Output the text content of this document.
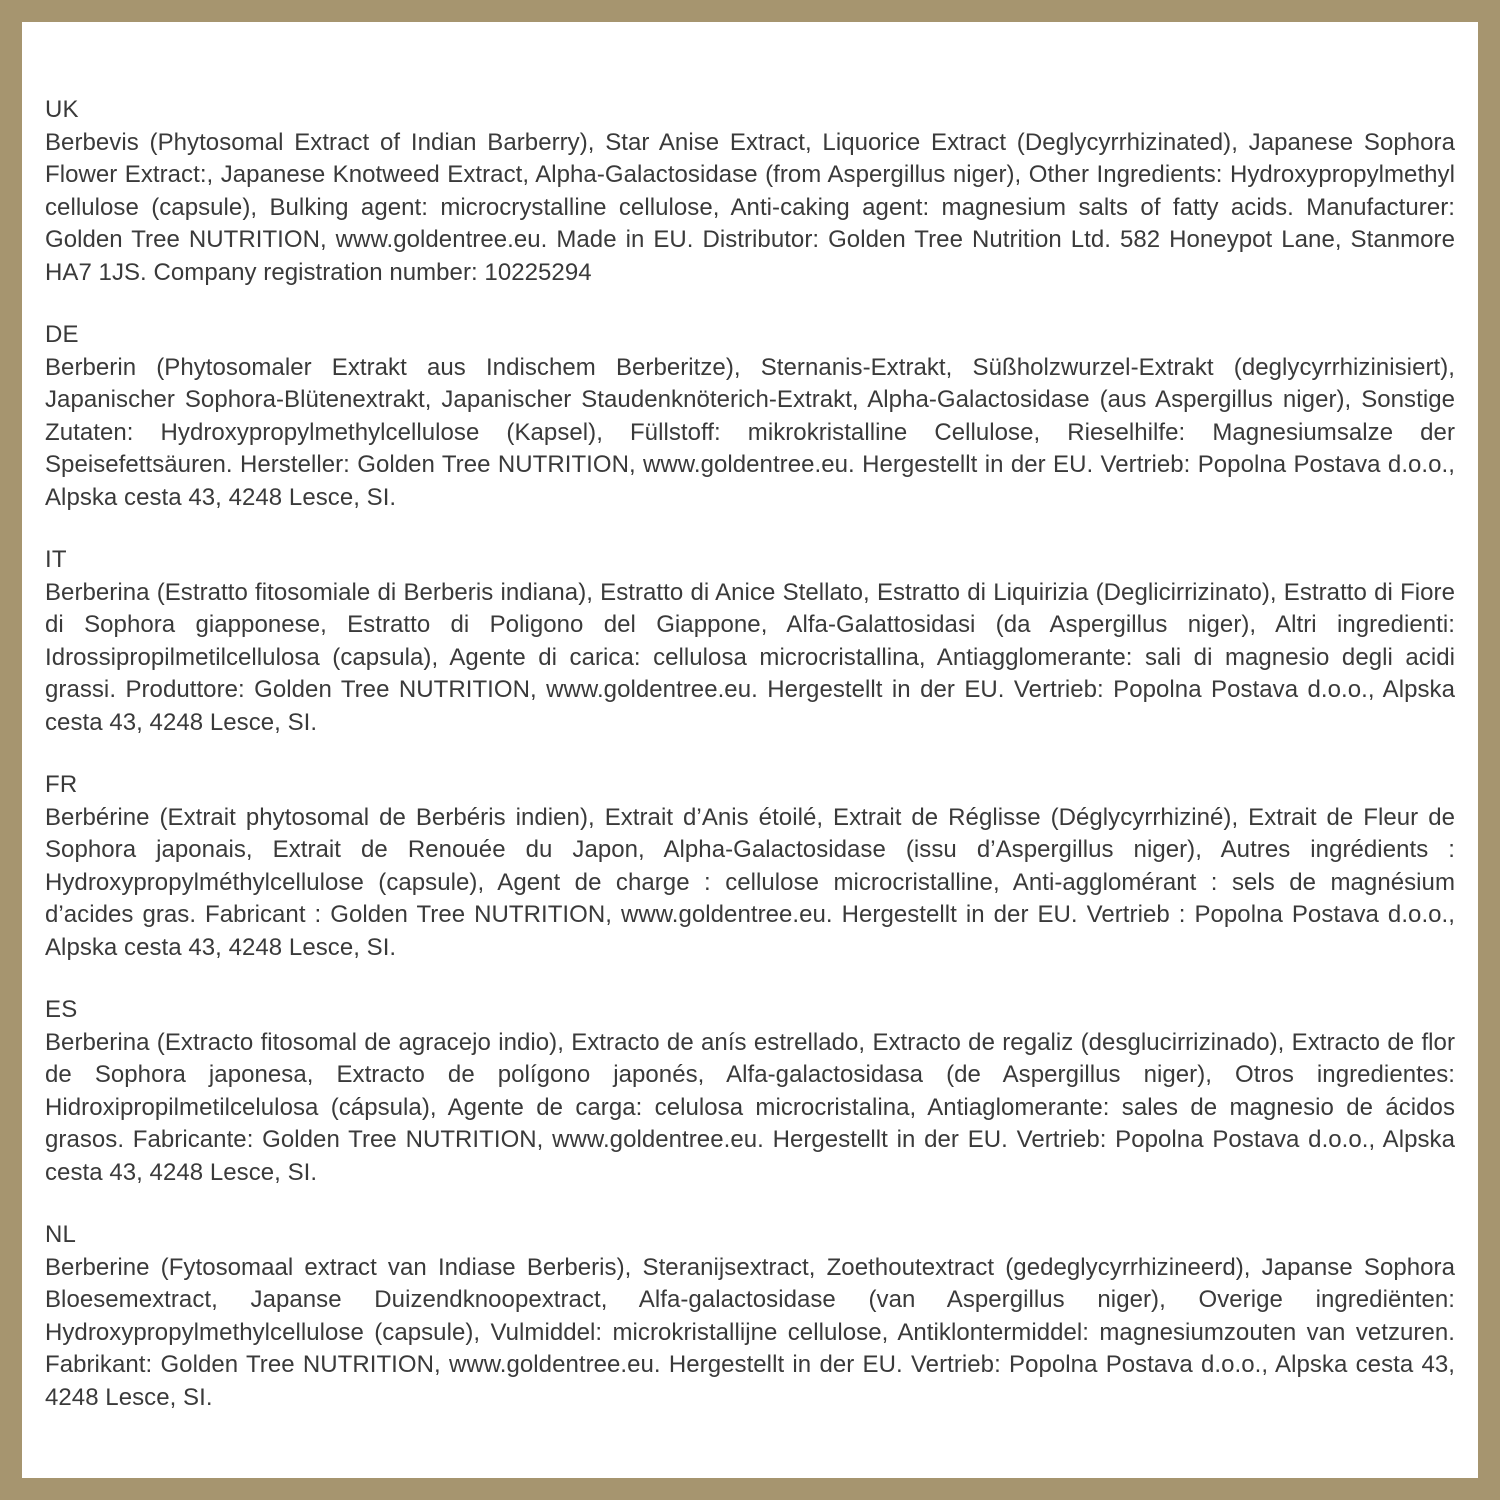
UK
Berbevis (Phytosomal Extract of Indian Barberry), Star Anise Extract, Liquorice Extract (Deglycyrrhizinated), Japanese Sophora Flower Extract:, Japanese Knotweed Extract, Alpha-Galactosidase (from Aspergillus niger), Other Ingredients: Hydroxypropylmethyl cellulose (capsule), Bulking agent: microcrystalline cellulose, Anti-caking agent: magnesium salts of fatty acids. Manufacturer: Golden Tree NUTRITION, www.goldentree.eu. Made in EU. Distributor: Golden Tree Nutrition Ltd. 582 Honeypot Lane, Stanmore HA7 1JS. Company registration number: 10225294
DE
Berberin (Phytosomaler Extrakt aus Indischem Berberitze), Sternanis-Extrakt, Süßholzwurzel-Extrakt (deglycyrrhizinisiert), Japanischer Sophora-Blütenextrakt, Japanischer Staudenknöterich-Extrakt, Alpha-Galactosidase (aus Aspergillus niger), Sonstige Zutaten: Hydroxypropylmethylcellulose (Kapsel), Füllstoff: mikrokristalline Cellulose, Rieselhilfe: Magnesiumsalze der Speisefettsäuren. Hersteller: Golden Tree NUTRITION, www.goldentree.eu. Hergestellt in der EU. Vertrieb: Popolna Postava d.o.o., Alpska cesta 43, 4248 Lesce, SI.
IT
Berberina (Estratto fitosomiale di Berberis indiana), Estratto di Anice Stellato, Estratto di Liquirizia (Deglicirrizinato), Estratto di Fiore di Sophora giapponese, Estratto di Poligono del Giappone, Alfa-Galattosidasi (da Aspergillus niger), Altri ingredienti: Idrossipropilmetilcellulosa (capsula), Agente di carica: cellulosa microcristallina, Antiagglomerante: sali di magnesio degli acidi grassi. Produttore: Golden Tree NUTRITION, www.goldentree.eu. Hergestellt in der EU. Vertrieb: Popolna Postava d.o.o., Alpska cesta 43, 4248 Lesce, SI.
FR
Berbérine (Extrait phytosomal de Berbéris indien), Extrait d’Anis étoilé, Extrait de Réglisse (Déglycyrrhiziné), Extrait de Fleur de Sophora japonais, Extrait de Renouée du Japon, Alpha-Galactosidase (issu d’Aspergillus niger), Autres ingrédients : Hydroxypropylméthylcellulose (capsule), Agent de charge : cellulose microcristalline, Anti-agglomérant : sels de magnésium d’acides gras. Fabricant : Golden Tree NUTRITION, www.goldentree.eu. Hergestellt in der EU. Vertrieb : Popolna Postava d.o.o., Alpska cesta 43, 4248 Lesce, SI.
ES
Berberina (Extracto fitosomal de agracejo indio), Extracto de anís estrellado, Extracto de regaliz (desglucirrizinado), Extracto de flor de Sophora japonesa, Extracto de polígono japonés, Alfa-galactosidasa (de Aspergillus niger), Otros ingredientes: Hidroxipropilmetilcelulosa (cápsula), Agente de carga: celulosa microcristalina, Antiaglomerante: sales de magnesio de ácidos grasos. Fabricante: Golden Tree NUTRITION, www.goldentree.eu. Hergestellt in der EU. Vertrieb: Popolna Postava d.o.o., Alpska cesta 43, 4248 Lesce, SI.
NL
Berberine (Fytosomaal extract van Indiase Berberis), Steranijsextract, Zoethoutextract (gedeglycyrrhizineerd), Japanse Sophora Bloesemextract, Japanse Duizendknoopextract, Alfa-galactosidase (van Aspergillus niger), Overige ingrediënten: Hydroxypropylmethylcellulose (capsule), Vulmiddel: microkristallijne cellulose, Antiklontermiddel: magnesiumzouten van vetzuren. Fabrikant: Golden Tree NUTRITION, www.goldentree.eu. Hergestellt in der EU. Vertrieb: Popolna Postava d.o.o., Alpska cesta 43, 4248 Lesce, SI.
